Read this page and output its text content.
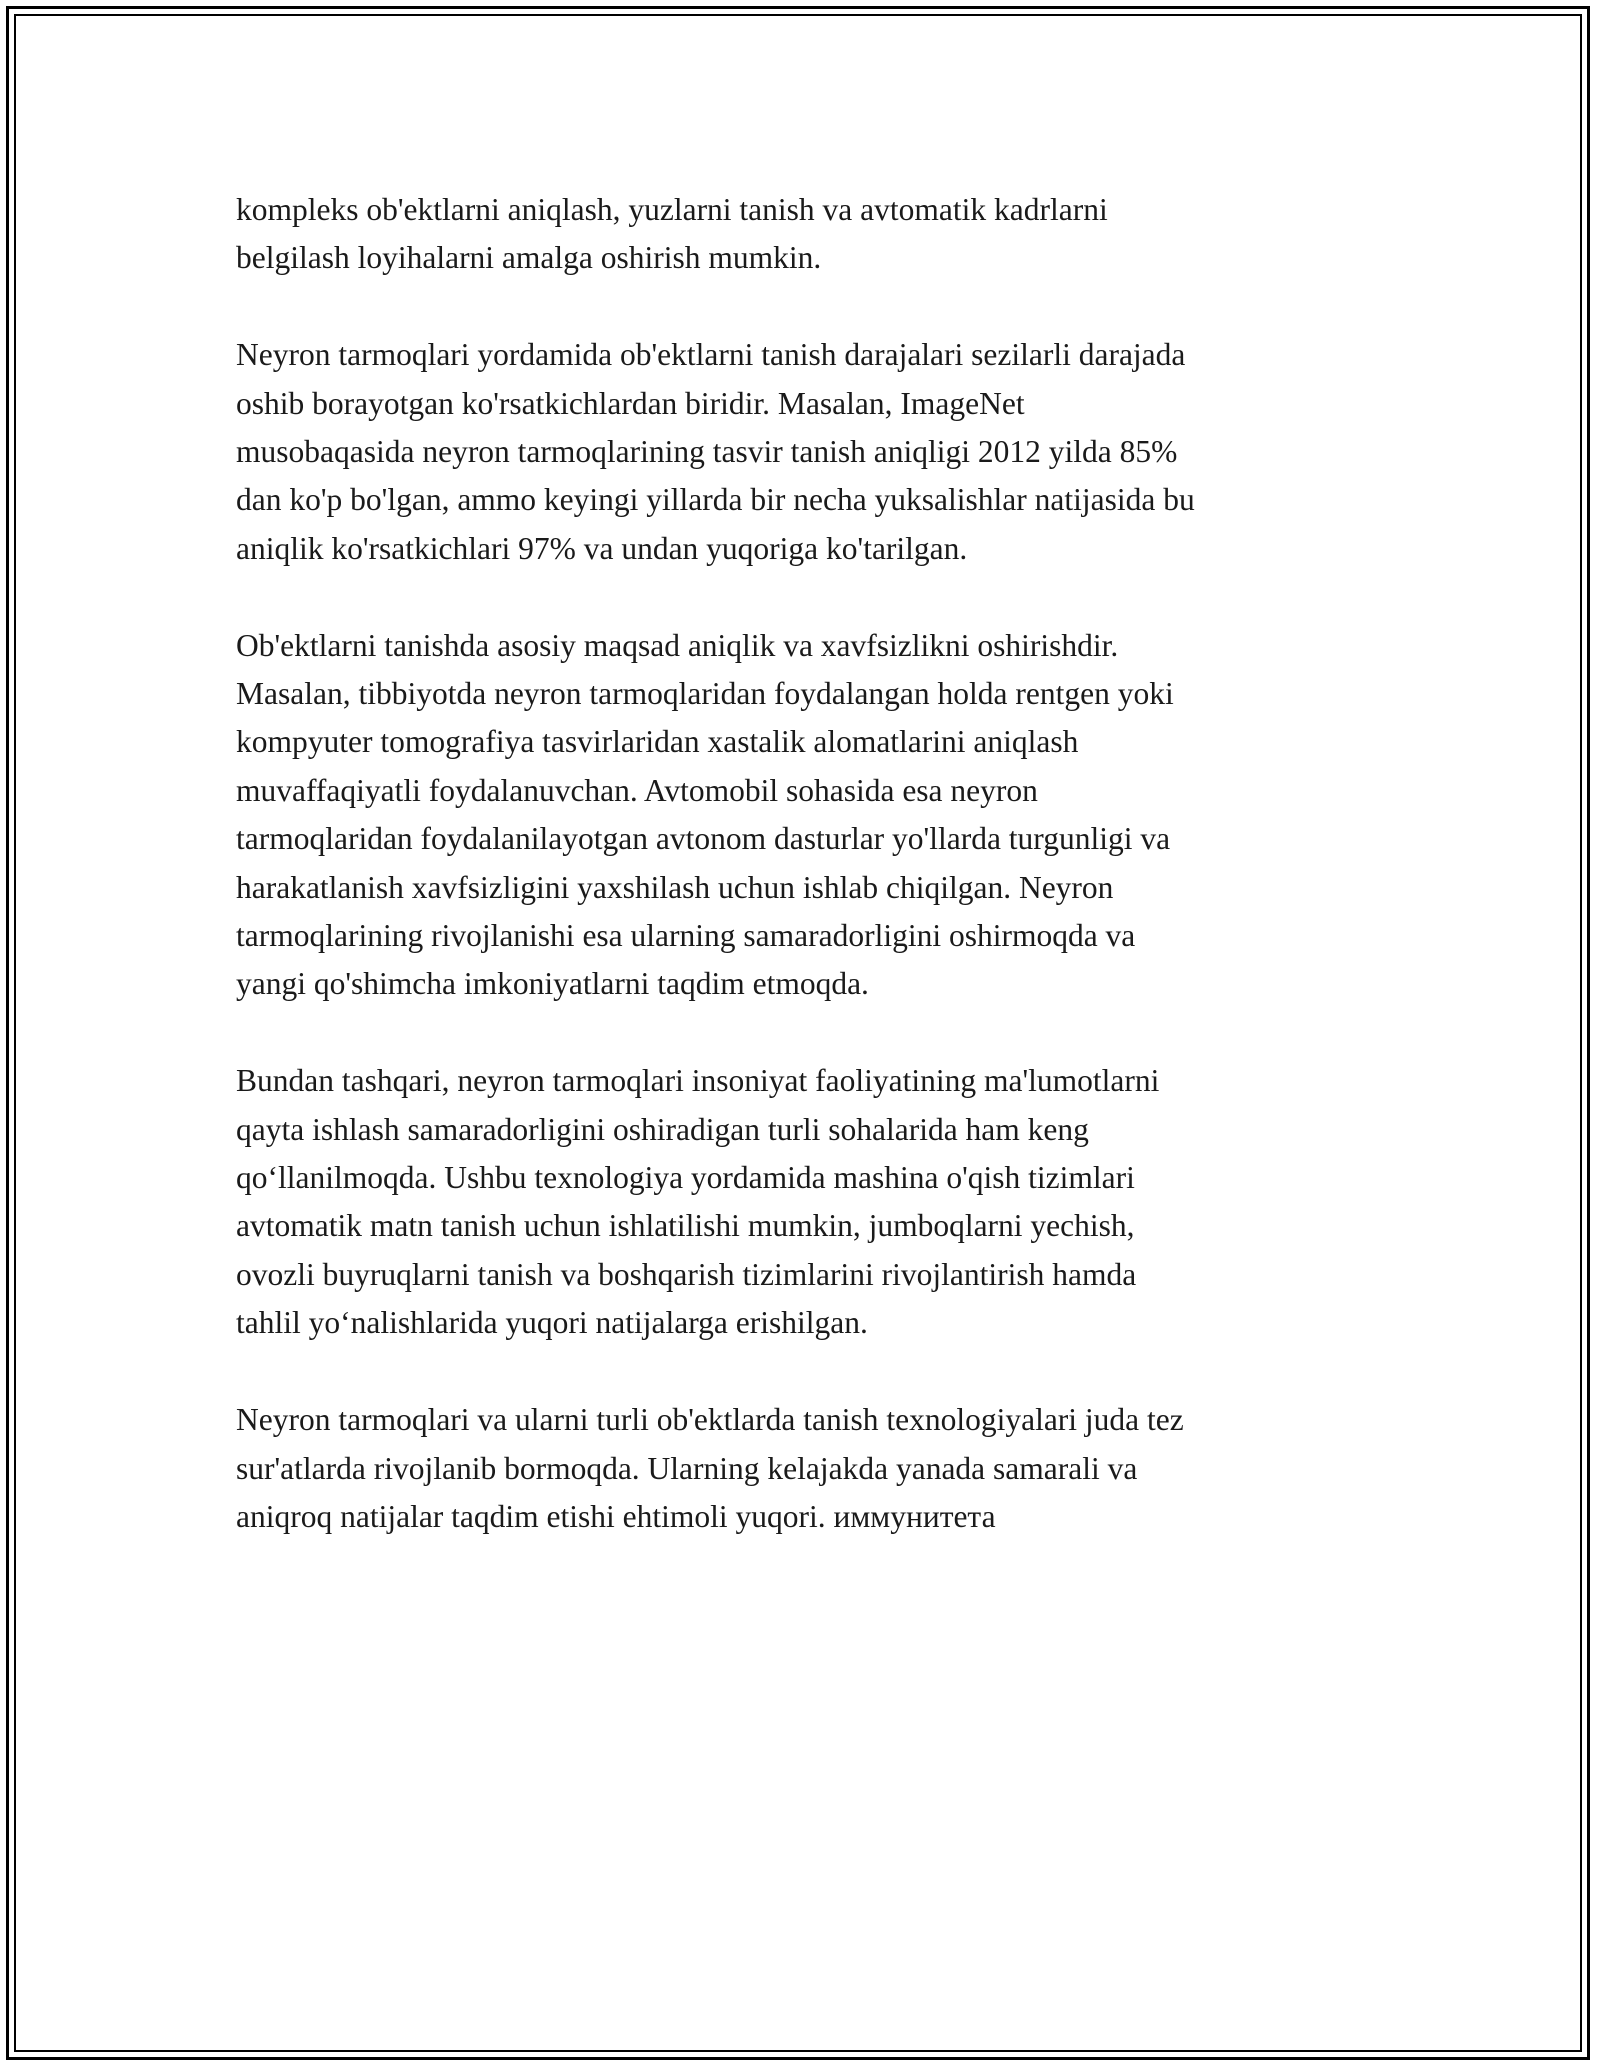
kompleks ob'ektlarni aniqlash, yuzlarni tanish va avtomatik kadrlarni
belgilash loyihalarni amalga oshirish mumkin.

Neyron tarmoqlari yordamida ob'ektlarni tanish darajalari sezilarli darajada
oshib borayotgan ko'rsatkichlardan biridir. Masalan, ImageNet
musobaqasida neyron tarmoqlarining tasvir tanish aniqligi 2012 yilda 85%
dan ko'p bo'lgan, ammo keyingi yillarda bir necha yuksalishlar natijasida bu
aniqlik ko'rsatkichlari 97% va undan yuqoriga ko'tarilgan.

Ob'ektlarni tanishda asosiy maqsad aniqlik va xavfsizlikni oshirishdir.
Masalan, tibbiyotda neyron tarmoqlaridan foydalangan holda rentgen yoki
kompyuter tomografiya tasvirlaridan xastalik alomatlarini aniqlash
muvaffaqiyatli foydalanuvchan. Avtomobil sohasida esa neyron
tarmoqlaridan foydalanilayotgan avtonom dasturlar yo'llarda turgunligi va
harakatlanish xavfsizligini yaxshilash uchun ishlab chiqilgan. Neyron
tarmoqlarining rivojlanishi esa ularning samaradorligini oshirmoqda va
yangi qo'shimcha imkoniyatlarni taqdim etmoqda.

Bundan tashqari, neyron tarmoqlari insoniyat faoliyatining ma'lumotlarni
qayta ishlash samaradorligini oshiradigan turli sohalarida ham keng
qo‘llanilmoqda. Ushbu texnologiya yordamida mashina o'qish tizimlari
avtomatik matn tanish uchun ishlatilishi mumkin, jumboqlarni yechish,
ovozli buyruqlarni tanish va boshqarish tizimlarini rivojlantirish hamda
tahlil yo‘nalishlarida yuqori natijalarga erishilgan.

Neyron tarmoqlari va ularni turli ob'ektlarda tanish texnologiyalari juda tez
sur'atlarda rivojlanib bormoqda. Ularning kelajakda yanada samarali va
aniqroq natijalar taqdim etishi ehtimoli yuqori. иммунитета
